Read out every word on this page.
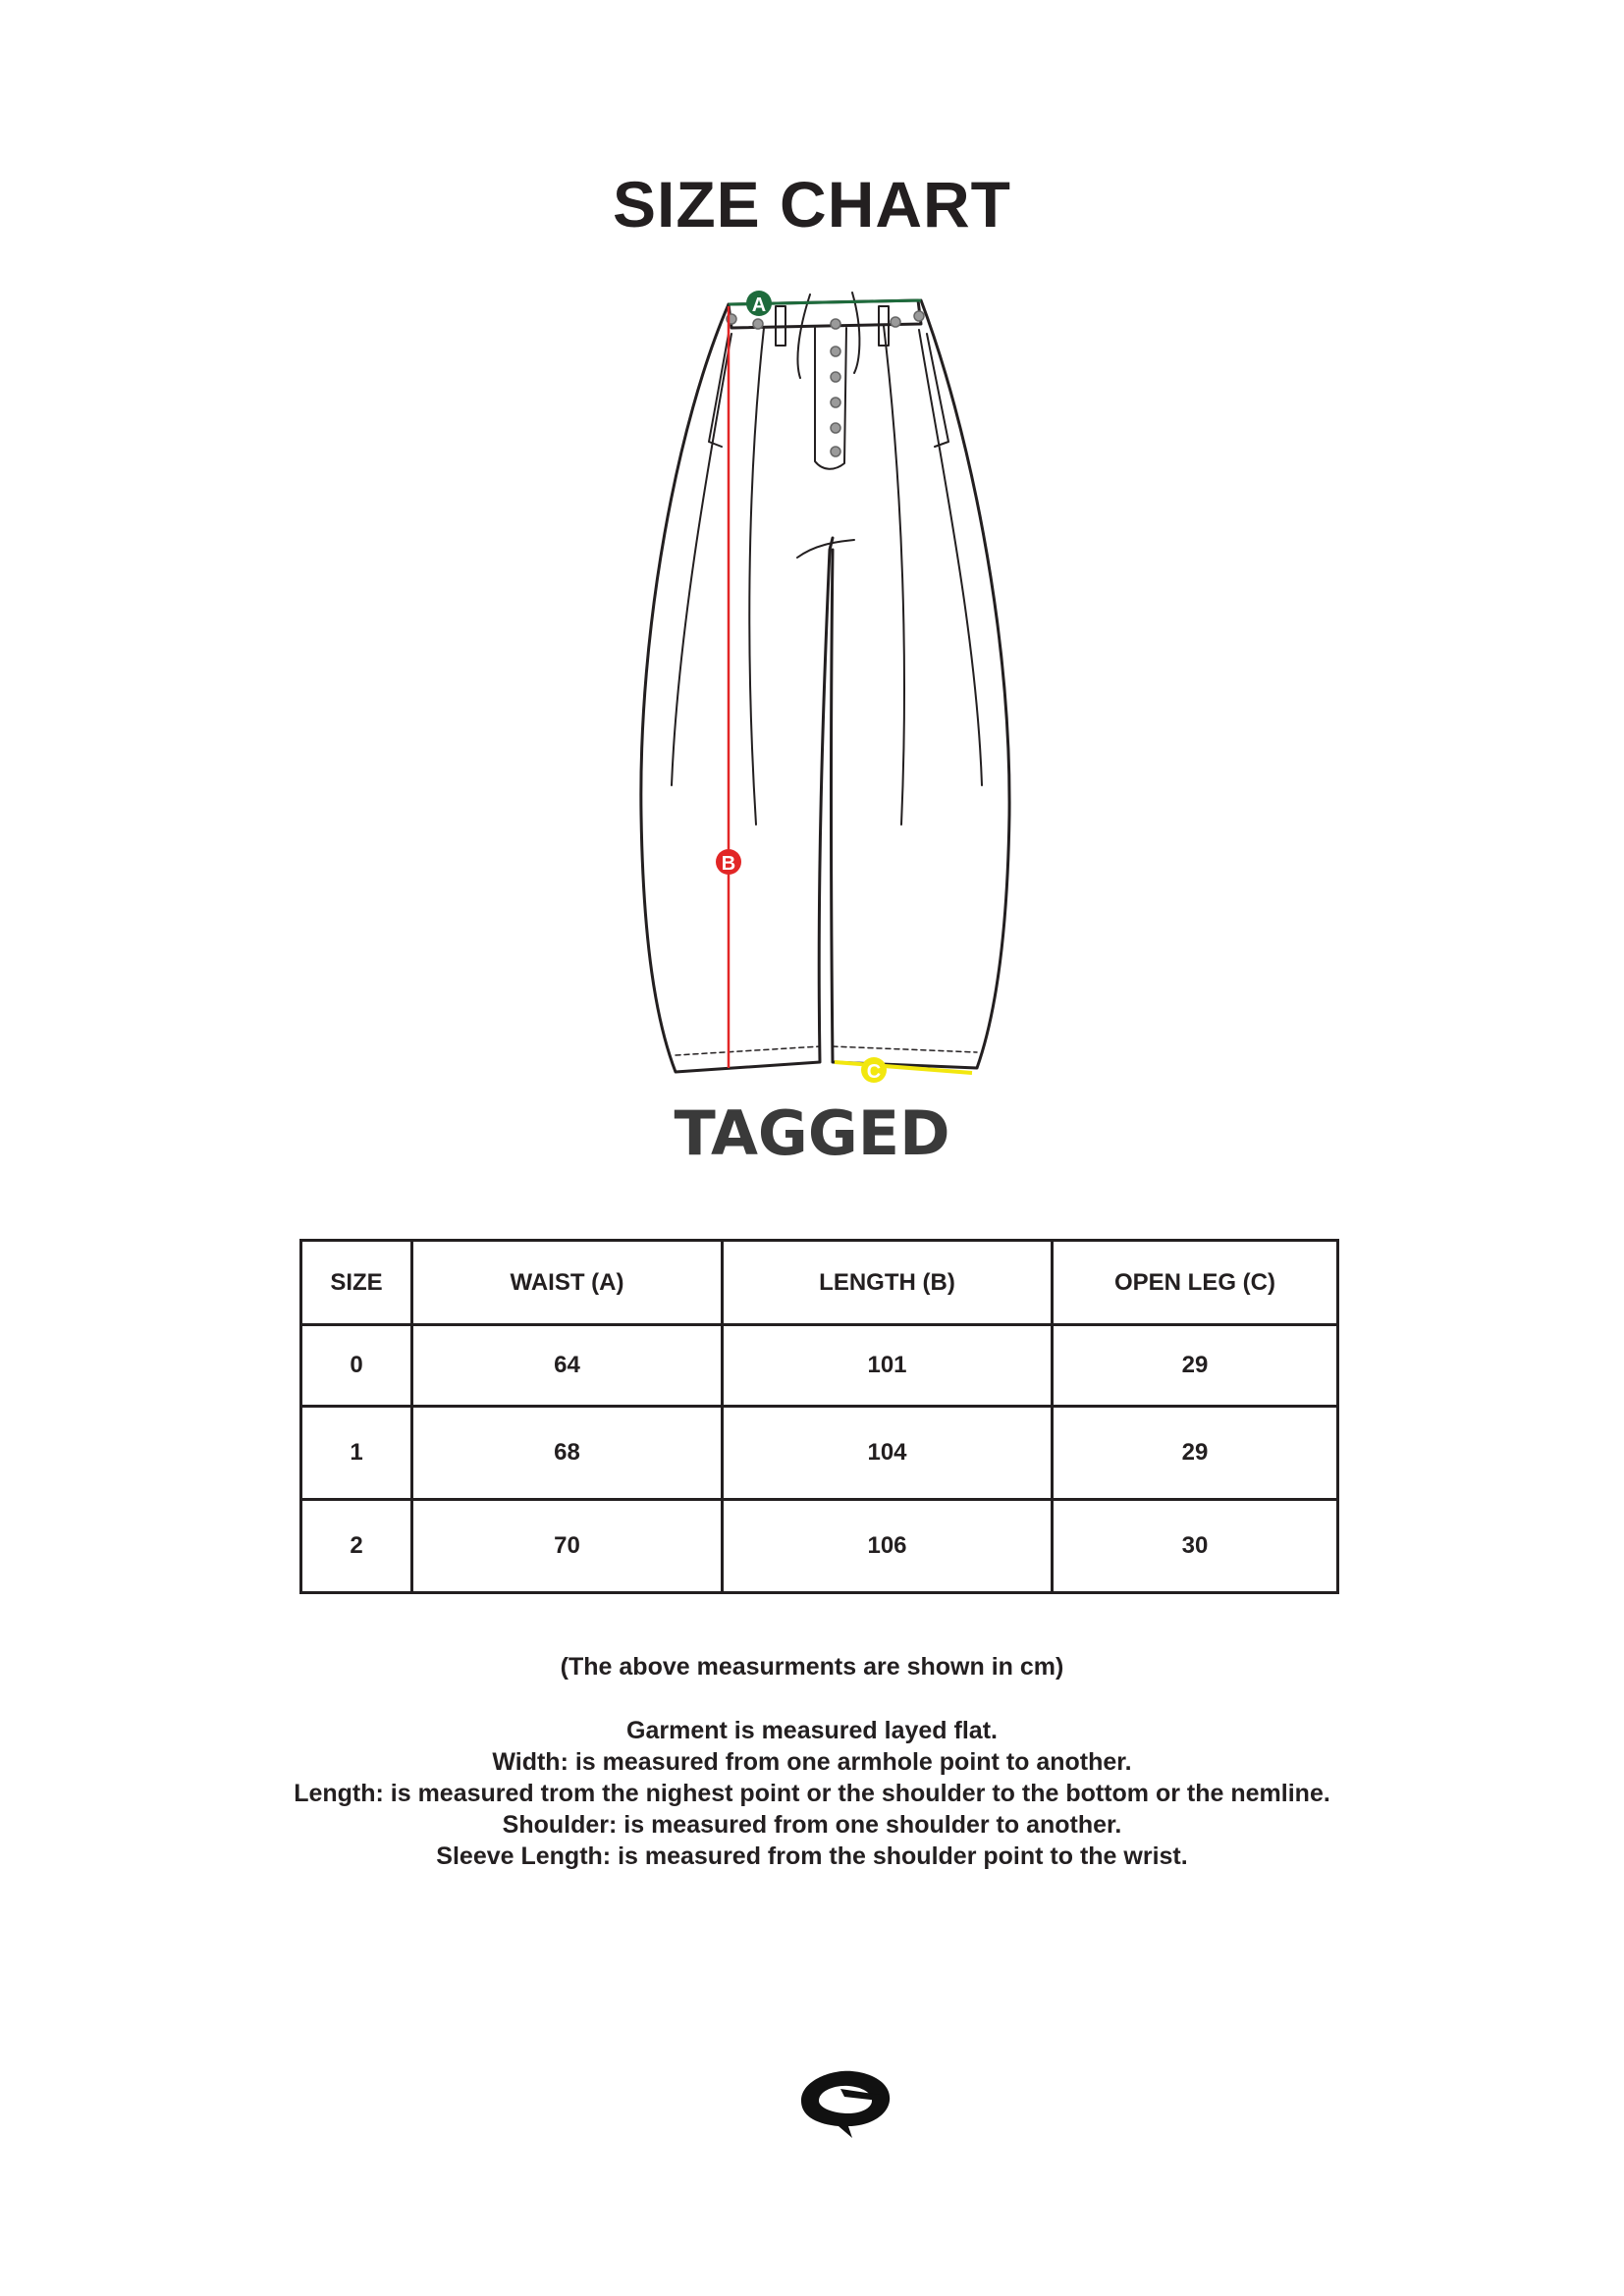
SIZE CHART
A
B
C
TAGGED
SIZE	WAIST (A)	LENGTH (B)	OPEN LEG (C)
0	64	101	29
1	68	104	29
2	70	106	30
(The above measurments are shown in cm)
Garment is measured layed flat.
Width: is measured from one armhole point to another.
Length: is measured trom the nighest point or the shoulder to the bottom or the nemline.
Shoulder: is measured from one shoulder to another.
Sleeve Length: is measured from the shoulder point to the wrist.
